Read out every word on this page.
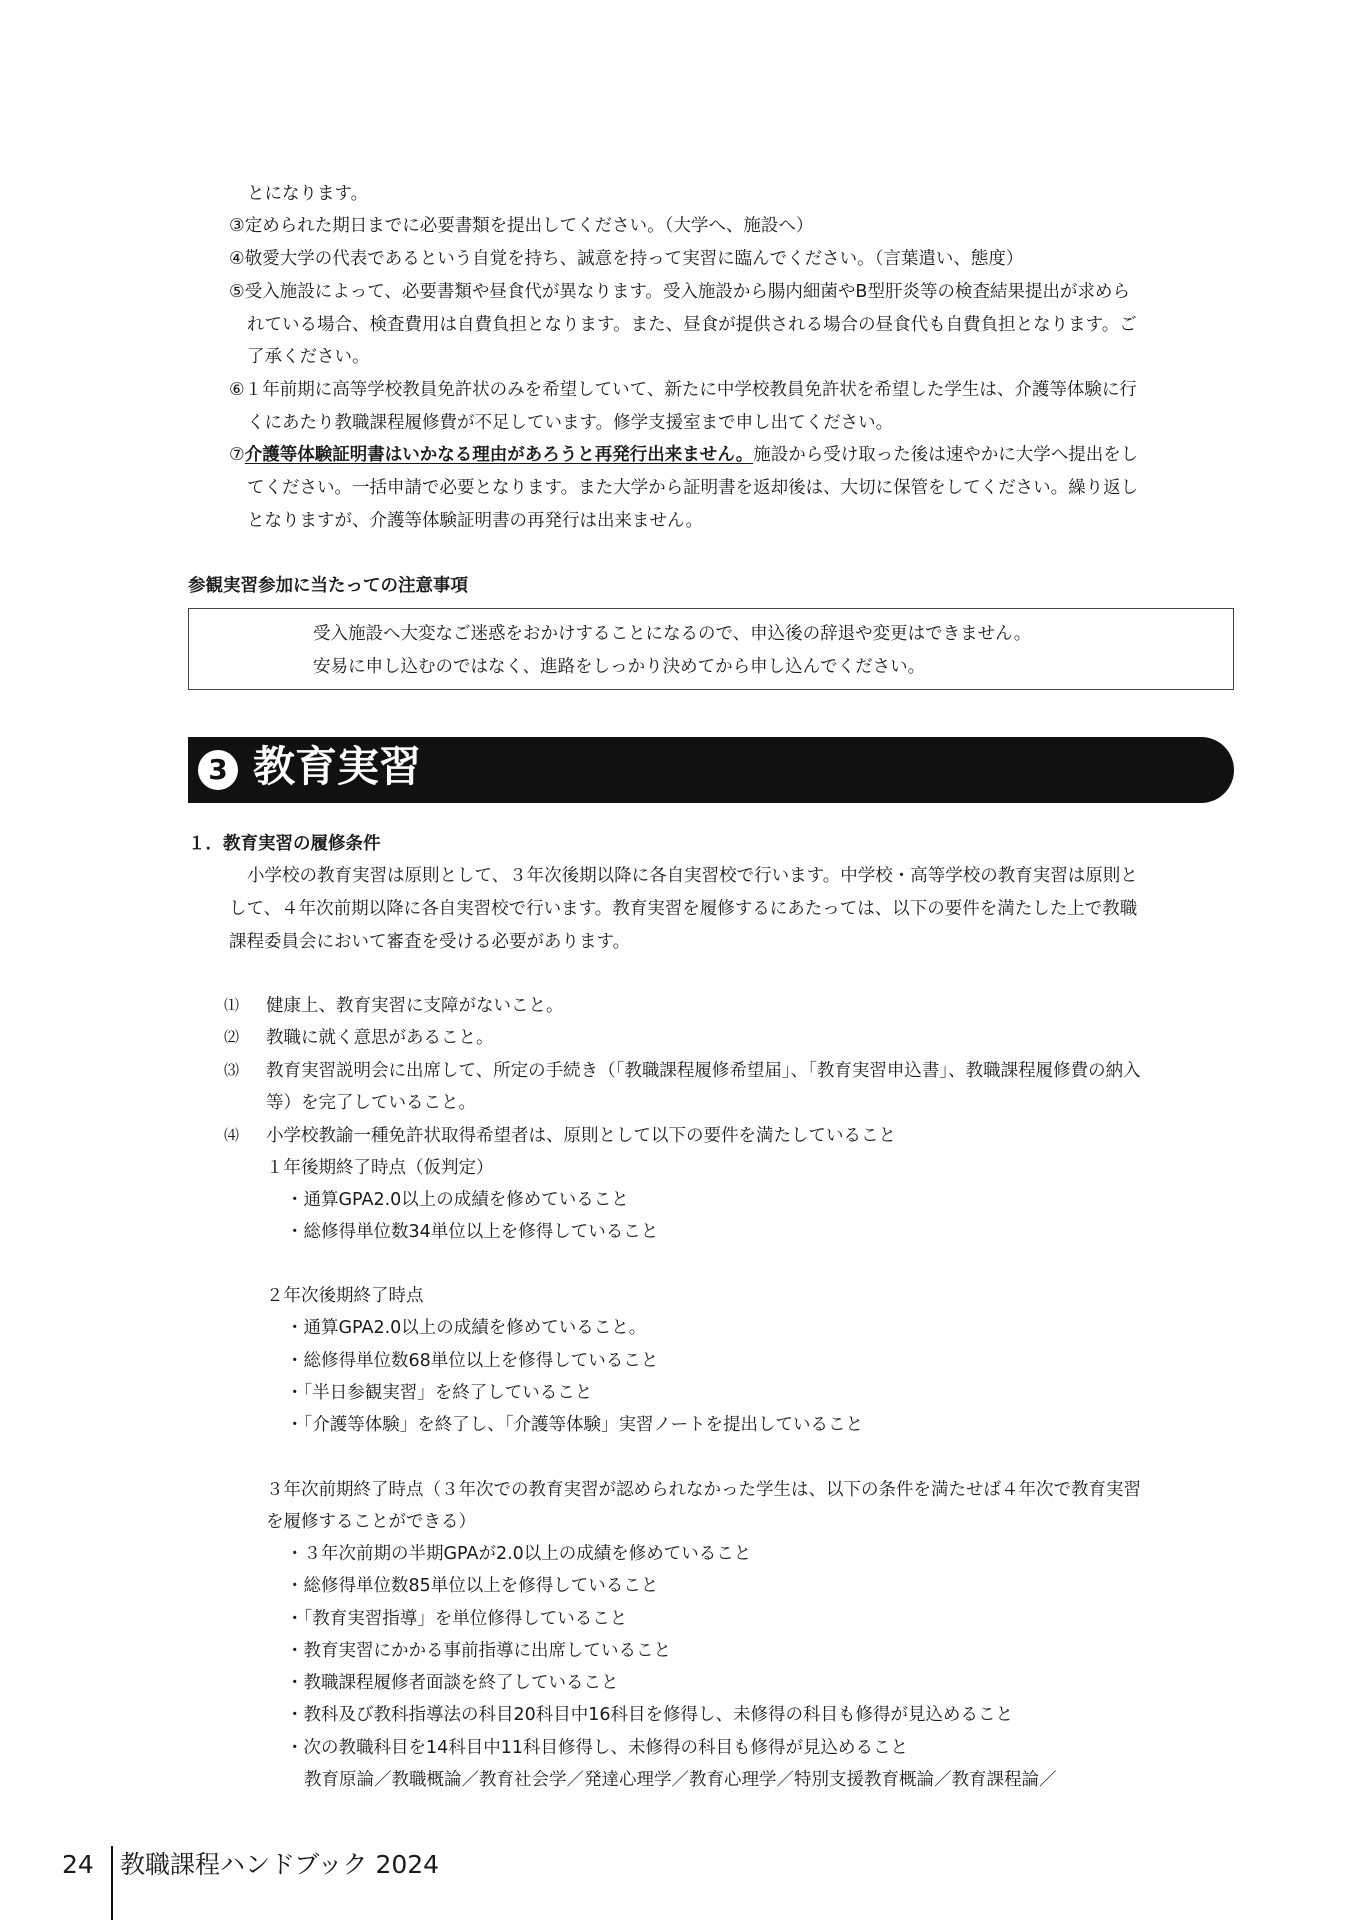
とになります。
③定められた期日までに必要書類を提出してください。（大学へ、施設へ）
④敬愛大学の代表であるという自覚を持ち、誠意を持って実習に臨んでください。（言葉遣い、態度）
⑤受入施設によって、必要書類や昼食代が異なります。受入施設から腸内細菌やB型肝炎等の検査結果提出が求めら
れている場合、検査費用は自費負担となります。また、昼食が提供される場合の昼食代も自費負担となります。ご
了承ください。
⑥１年前期に高等学校教員免許状のみを希望していて、新たに中学校教員免許状を希望した学生は、介護等体験に行
くにあたり教職課程履修費が不足しています。修学支援室まで申し出てください。
⑦介護等体験証明書はいかなる理由があろうと再発行出来ません。施設から受け取った後は速やかに大学へ提出をし
てください。一括申請で必要となります。また大学から証明書を返却後は、大切に保管をしてください。繰り返し
となりますが、介護等体験証明書の再発行は出来ません。
参観実習参加に当たっての注意事項
受入施設へ大変なご迷惑をおかけすることになるので、申込後の辞退や変更はできません。
安易に申し込むのではなく、進路をしっかり決めてから申し込んでください。
3 教育実習
１．教育実習の履修条件
小学校の教育実習は原則として、３年次後期以降に各自実習校で行います。中学校・高等学校の教育実習は原則と
して、４年次前期以降に各自実習校で行います。教育実習を履修するにあたっては、以下の要件を満たした上で教職
課程委員会において審査を受ける必要があります。
⑴ 健康上、教育実習に支障がないこと。
⑵ 教職に就く意思があること。
⑶ 教育実習説明会に出席して、所定の手続き（「教職課程履修希望届」、「教育実習申込書」、教職課程履修費の納入
等）を完了していること。
⑷ 小学校教諭一種免許状取得希望者は、原則として以下の要件を満たしていること
１年後期終了時点（仮判定）
・通算GPA2.0以上の成績を修めていること
・総修得単位数34単位以上を修得していること
２年次後期終了時点
・通算GPA2.0以上の成績を修めていること。
・総修得単位数68単位以上を修得していること
・「半日参観実習」を終了していること
・「介護等体験」を終了し、「介護等体験」実習ノートを提出していること
３年次前期終了時点（３年次での教育実習が認められなかった学生は、以下の条件を満たせば４年次で教育実習
を履修することができる）
・３年次前期の半期GPAが2.0以上の成績を修めていること
・総修得単位数85単位以上を修得していること
・「教育実習指導」を単位修得していること
・教育実習にかかる事前指導に出席していること
・教職課程履修者面談を終了していること
・教科及び教科指導法の科目20科目中16科目を修得し、未修得の科目も修得が見込めること
・次の教職科目を14科目中11科目修得し、未修得の科目も修得が見込めること
教育原論／教職概論／教育社会学／発達心理学／教育心理学／特別支援教育概論／教育課程論／
24 教職課程ハンドブック 2024
